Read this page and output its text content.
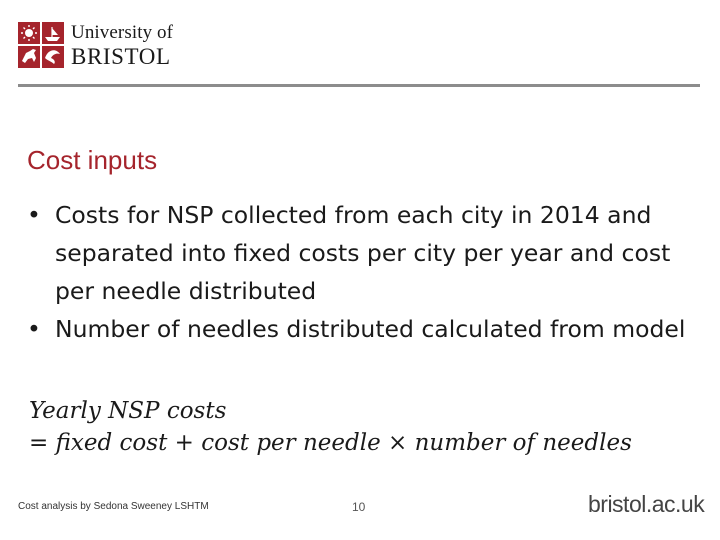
University of
BRISTOL
Cost inputs
• Costs for NSP collected from each city in 2014 and separated into fixed costs per city per year and cost per needle distributed
• Number of needles distributed calculated from model
Yearly NSP costs
= fixed cost + cost per needle × number of needles
Cost analysis by Sedona Sweeney LSHTM	10	bristol.ac.uk
